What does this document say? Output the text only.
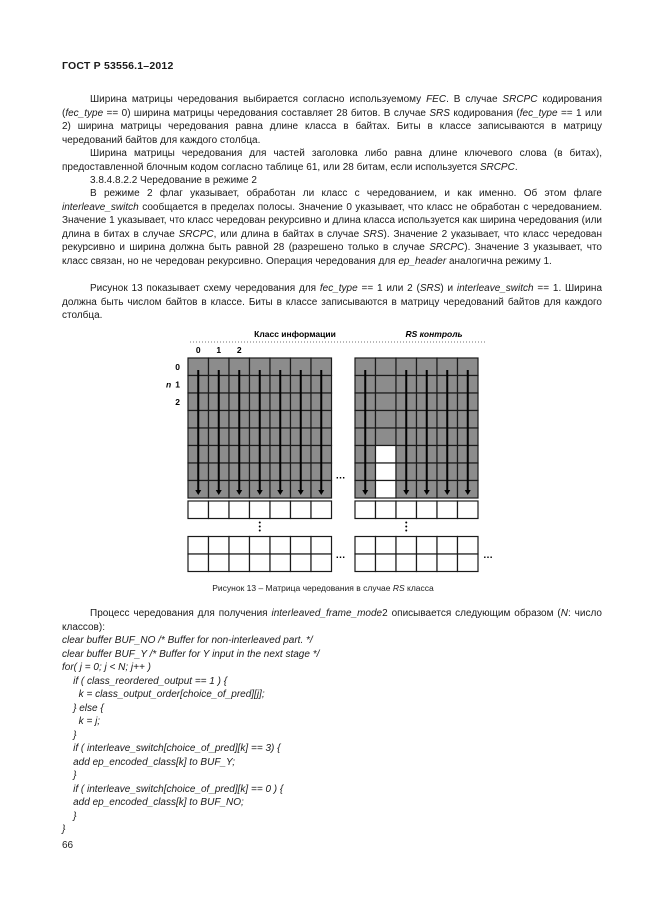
ГОСТ Р 53556.1–2012
Ширина матрицы чередования выбирается согласно используемому FEC. В случае SRCPC кодирования (fec_type == 0) ширина матрицы чередования составляет 28 битов. В случае SRS кодирования (fec_type == 1 или 2) ширина матрицы чередования равна длине класса в байтах. Биты в классе записываются в матрицу чередований байтов для каждого столбца.
Ширина матрицы чередования для частей заголовка либо равна длине ключевого слова (в битах), предоставленной блочным кодом согласно таблице 61, или 28 битам, если используется SRCPC.
3.8.4.8.2.2 Чередование в режиме 2
В режиме 2 флаг указывает, обработан ли класс с чередованием, и как именно. Об этом флаге interleave_switch сообщается в пределах полосы. Значение 0 указывает, что класс не обработан с чередованием. Значение 1 указывает, что класс чередован рекурсивно и длина класса используется как ширина чередования (или длина в битах в случае SRCPC, или длина в байтах в случае SRS). Значение 2 указывает, что класс чередован рекурсивно и ширина должна быть равной 28 (разрешено только в случае SRCPC). Значение 3 указывает, что класс связан, но не чередован рекурсивно. Операция чередования для ep_header аналогична режиму 1.
Рисунок 13 показывает схему чередования для fec_type == 1 или 2 (SRS) и interleave_switch == 1. Ширина должна быть числом байтов в классе. Биты в классе записываются в матрицу чередований байтов для каждого столбца.
Класс информации	RS контроль
…
…	…
0 1 2
0
1
2
n
Рисунок 13 – Матрица чередования в случае RS класса
Процесс чередования для получения interleaved_frame_mode2 описывается следующим образом (N: число классов):
clear buffer BUF_NO /* Buffer for non-interleaved part. */
clear buffer BUF_Y /* Buffer for Y input in the next stage */
for( j = 0; j < N; j++ )
if ( class_reordered_output == 1 ) {
k = class_output_order[choice_of_pred][j];
} else {
k = j;
}
if ( interleave_switch[choice_of_pred][k] == 3) {
add ep_encoded_class[k] to BUF_Y;
}
if ( interleave_switch[choice_of_pred][k] == 0 ) {
add ep_encoded_class[k] to BUF_NO;
}
}
66
